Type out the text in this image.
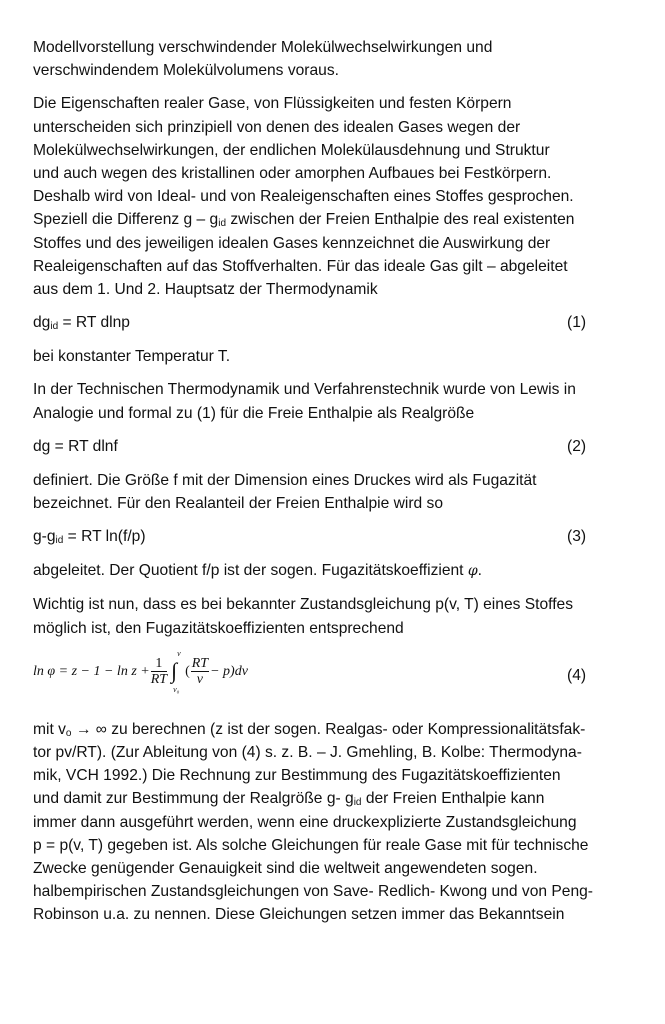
Modellvorstellung verschwindender Molekülwechselwirkungen und
verschwindendem Molekülvolumens voraus.
Die Eigenschaften realer Gase, von Flüssigkeiten und festen Körpern
unterscheiden sich prinzipiell von denen des idealen Gases wegen der
Molekülwechselwirkungen, der endlichen Molekülausdehnung und Struktur
und auch wegen des kristallinen oder amorphen Aufbaues bei Festkörpern.
Deshalb wird von Ideal- und von Realeigenschaften eines Stoffes gesprochen.
Speziell die Differenz g – $g_{id}$ zwischen der Freien Enthalpie des real existenten
Stoffes und des jeweiligen idealen Gases kennzeichnet die Auswirkung der
Realeigenschaften auf das Stoffverhalten. Für das ideale Gas gilt – abgeleitet
aus dem 1. Und 2. Hauptsatz der Thermodynamik
$dg_{id}$ = RT dlnp	(1)
bei konstanter Temperatur T.
In der Technischen Thermodynamik und Verfahrenstechnik wurde von Lewis in
Analogie und formal zu (1) für die Freie Enthalpie als Realgröße
dg = RT dlnf	(2)
definiert. Die Größe f mit der Dimension eines Druckes wird als Fugazität
bezeichnet. Für den Realanteil der Freien Enthalpie wird so
$g-g_{id}$ = RT ln(f/p)	(3)
abgeleitet. Der Quotient f/p ist der sogen. Fugazitätskoeffizient φ.
Wichtig ist nun, dass es bei bekannter Zustandsgleichung p(v, T) eines Stoffes
möglich ist, den Fugazitätskoeffizienten entsprechend
$\ln \varphi = z - 1 - \ln z + \frac{1}{RT}$
v
∫
v₀
( $\frac{RT}{v} - p)dv$	(4)
mit $v_o$ → ∞ zu berechnen (z ist der sogen. Realgas- oder Kompressionalitätsfak-
tor pv/RT). (Zur Ableitung von (4) s. z. B. – J. Gmehling, B. Kolbe: Thermodyna-
mik, VCH 1992.) Die Rechnung zur Bestimmung des Fugazitätskoeffizienten
und damit zur Bestimmung der Realgröße g- $g_{id}$ der Freien Enthalpie kann
immer dann ausgeführt werden, wenn eine druckexplizierte Zustandsgleichung
p = p(v, T) gegeben ist. Als solche Gleichungen für reale Gase mit für technische
Zwecke genügender Genauigkeit sind die weltweit angewendeten sogen.
halbempirischen Zustandsgleichungen von Save- Redlich- Kwong und von Peng-
Robinson u.a. zu nennen. Diese Gleichungen setzen immer das Bekanntsein
